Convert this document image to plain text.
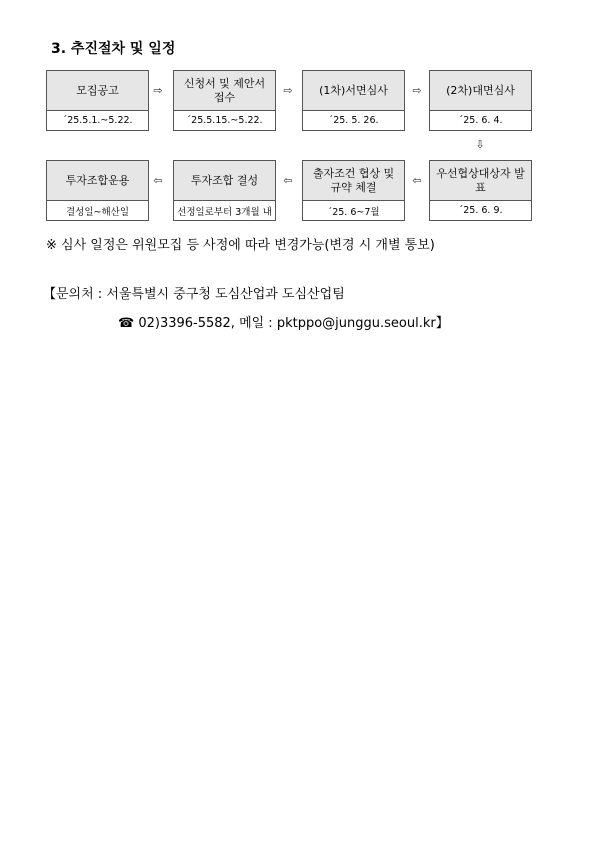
3. 추진절차 및 일정
모집공고
´25.5.1.~5.22.
⇨
신청서 및 제안서 접수
´25.5.15.~5.22.
⇨	(1차)서면심사
´25. 5. 26.
⇨	(2차)대면심사
´25. 6. 4.
⇩
우선협상대상자 발표
´25. 6. 9.
⇦
출자조건 협상 및 규약 체결
´25. 6~7월
⇦
투자조합 결성
선정일로부터 3개월 내
⇦
투자조합운용
결성일~해산일
※ 심사 일정은 위원모집 등 사정에 따라 변경가능(변경 시 개별 통보)
【문의처 : 서울특별시 중구청 도심산업과 도심산업팀
☎ 02)3396-5582, 메일 : pktppo@junggu.seoul.kr】
